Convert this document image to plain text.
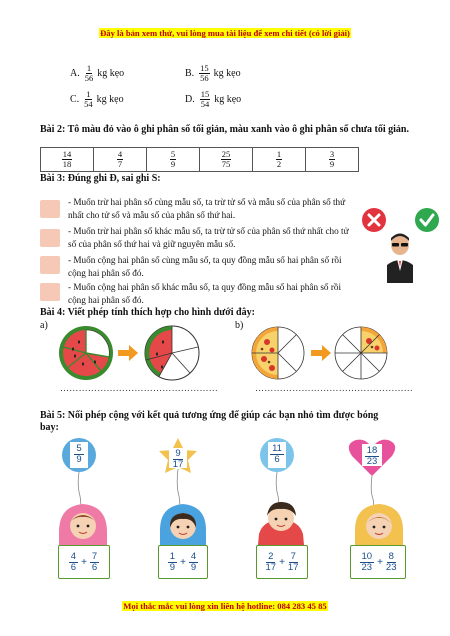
Đây là bản xem thử, vui lòng mua tài liệu để xem chi tiết (có lời giải)
A. $\frac{1}{56}$ kg kẹo	B. $\frac{15}{56}$ kg kẹo
C. $\frac{1}{54}$ kg kẹo	D. $\frac{15}{54}$ kg kẹo
Bài 2: Tô màu đỏ vào ô ghi phân số tối giản, màu xanh vào ô ghi phân số chưa tối giản.
$\frac{14}{18}$	$\frac{4}{7}$	$\frac{5}{9}$	$\frac{25}{75}$	$\frac{1}{2}$	$\frac{3}{9}$
Bài 3: Đúng ghi Đ, sai ghi S:
- Muốn trừ hai phân số cùng mẫu số, ta trừ tử số và mẫu số của phân số thứ nhất cho tử số và mẫu số của phân số thứ hai.
- Muốn trừ hai phân số khác mẫu số, ta trừ tử số của phân số thứ nhất cho tử số của phân số thứ hai và giữ nguyên mẫu số.
- Muốn cộng hai phân số cùng mẫu số, ta quy đồng mẫu số hai phân số rồi cộng hai phân số đó.
- Muốn cộng hai phân số khác mẫu số, ta quy đồng mẫu số hai phân số rồi cộng hai phân số đó.
Bài 4: Viết phép tính thích hợp cho hình dưới đây:
a)	b)
……………………………………………	……………………………………………
Bài 5: Nối phép cộng với kết quả tương ứng để giúp các bạn nhỏ tìm được bóng bay:
$\frac{5}{9}$	$\frac{9}{17}$	$\frac{11}{6}$	$\frac{18}{23}$
4
$6 + \frac{7}{6}$	1
$9 + \frac{4}{9}$	2
$17 + \frac{7}{17}$	10
$23 + \frac{8}{23}$
Mọi thắc mắc vui lòng xin liên hệ hotline: 084 283 45 85
